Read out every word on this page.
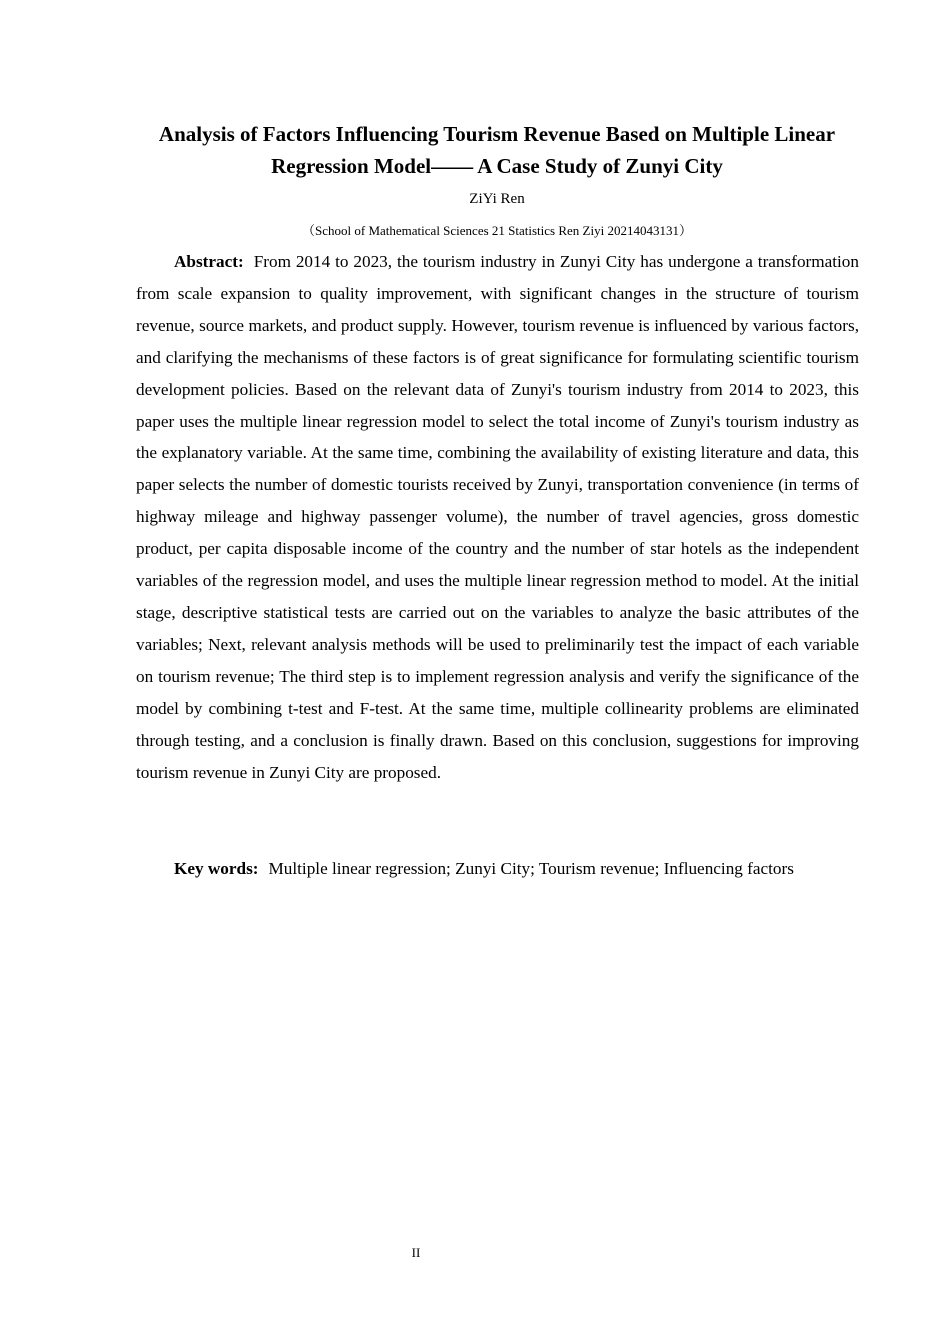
Analysis of Factors Influencing Tourism Revenue Based on Multiple Linear Regression Model—— A Case Study of Zunyi City
ZiYi Ren
（School of Mathematical Sciences 21 Statistics Ren Ziyi 20214043131）

Abstract: From 2014 to 2023, the tourism industry in Zunyi City has undergone a transformation from scale expansion to quality improvement, with significant changes in the structure of tourism revenue, source markets, and product supply. However, tourism revenue is influenced by various factors, and clarifying the mechanisms of these factors is of great significance for formulating scientific tourism development policies. Based on the relevant data of Zunyi's tourism industry from 2014 to 2023, this paper uses the multiple linear regression model to select the total income of Zunyi's tourism industry as the explanatory variable. At the same time, combining the availability of existing literature and data, this paper selects the number of domestic tourists received by Zunyi, transportation convenience (in terms of highway mileage and highway passenger volume), the number of travel agencies, gross domestic product, per capita disposable income of the country and the number of star hotels as the independent variables of the regression model, and uses the multiple linear regression method to model. At the initial stage, descriptive statistical tests are carried out on the variables to analyze the basic attributes of the variables; Next, relevant analysis methods will be used to preliminarily test the impact of each variable on tourism revenue; The third step is to implement regression analysis and verify the significance of the model by combining t-test and F-test. At the same time, multiple collinearity problems are eliminated through testing, and a conclusion is finally drawn. Based on this conclusion, suggestions for improving tourism revenue in Zunyi City are proposed.

Key words: Multiple linear regression; Zunyi City; Tourism revenue; Influencing factors

II
